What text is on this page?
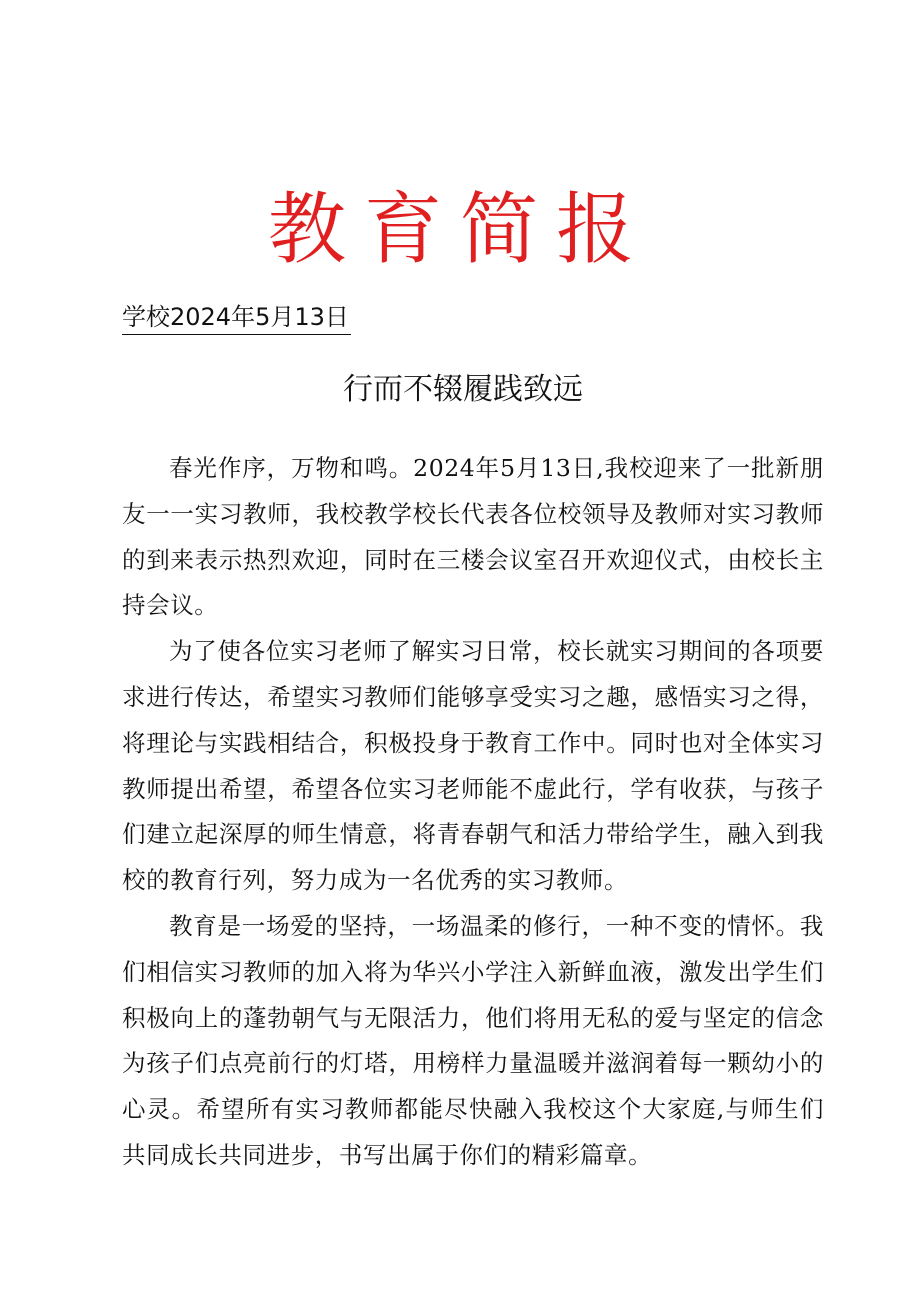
教育简报
学校2024年5月13日
行而不辍履践致远

春光作序，万物和鸣。2024年5月13日,我校迎来了一批新朋友一一实习教师，我校教学校长代表各位校领导及教师对实习教师的到来表示热烈欢迎，同时在三楼会议室召开欢迎仪式，由校长主持会议。

为了使各位实习老师了解实习日常，校长就实习期间的各项要求进行传达，希望实习教师们能够享受实习之趣，感悟实习之得，将理论与实践相结合，积极投身于教育工作中。同时也对全体实习教师提出希望，希望各位实习老师能不虚此行，学有收获，与孩子们建立起深厚的师生情意，将青春朝气和活力带给学生，融入到我校的教育行列，努力成为一名优秀的实习教师。

教育是一场爱的坚持，一场温柔的修行，一种不变的情怀。我们相信实习教师的加入将为华兴小学注入新鲜血液，激发出学生们积极向上的蓬勃朝气与无限活力，他们将用无私的爱与坚定的信念为孩子们点亮前行的灯塔，用榜样力量温暖并滋润着每一颗幼小的心灵。希望所有实习教师都能尽快融入我校这个大家庭,与师生们共同成长共同进步，书写出属于你们的精彩篇章。
